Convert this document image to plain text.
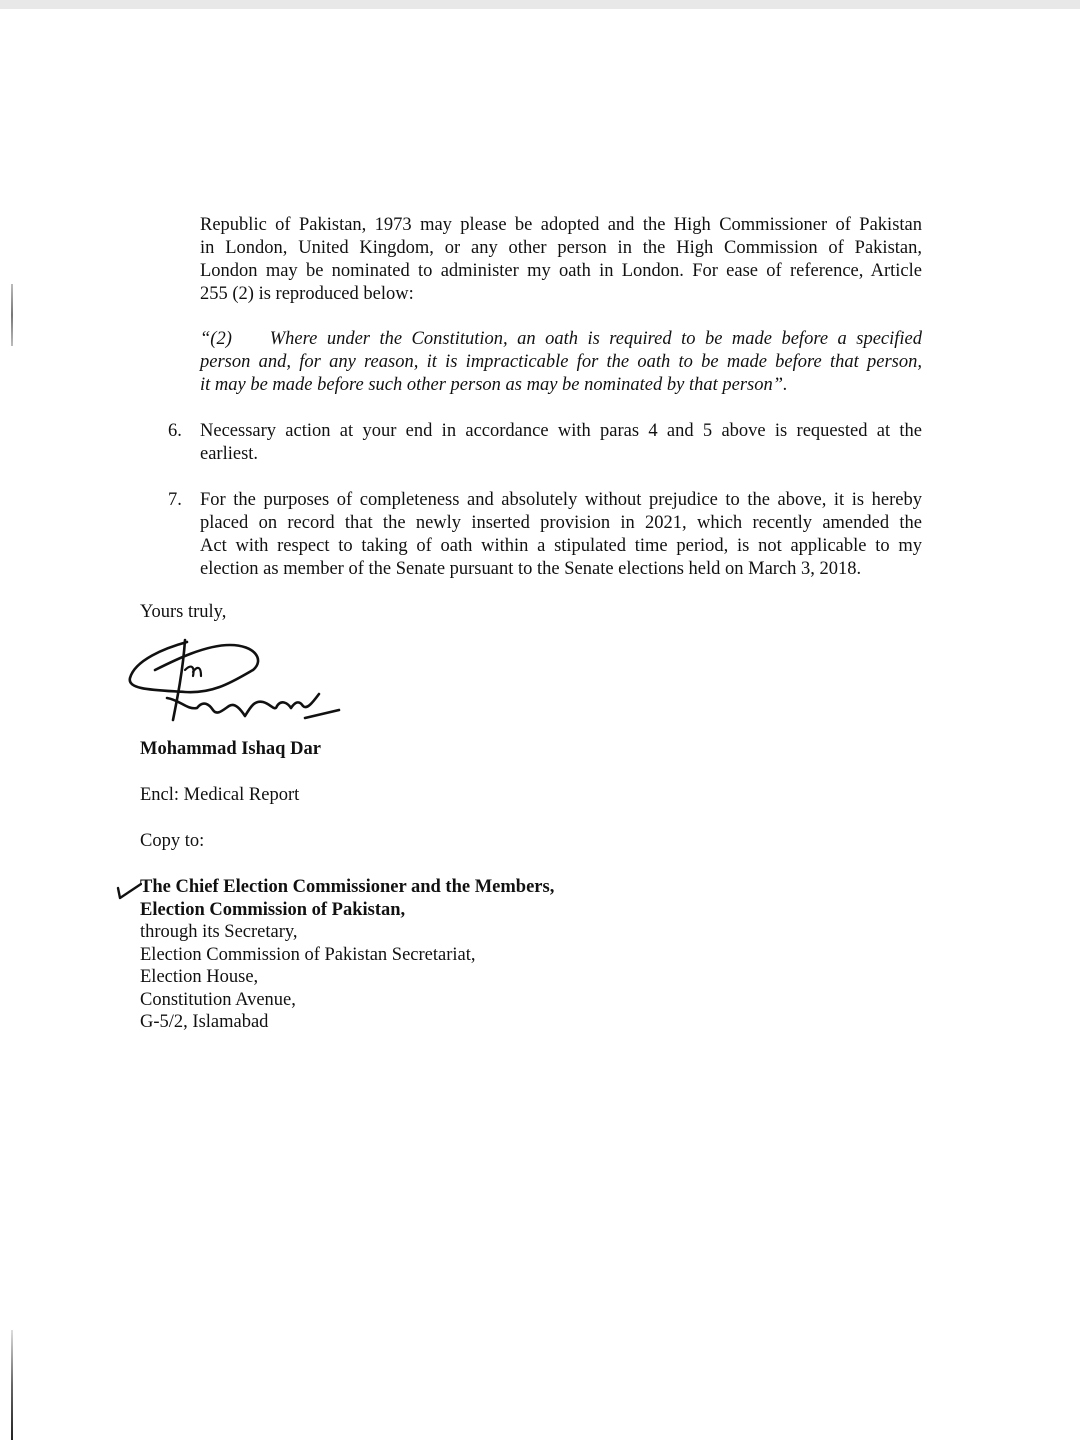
Republic of Pakistan, 1973 may please be adopted and the High Commissioner of Pakistan
in London, United Kingdom, or any other person in the High Commission of Pakistan,
London may be nominated to administer my oath in London. For ease of reference, Article
255 (2) is reproduced below:
“(2)    Where under the Constitution, an oath is required to be made before a specified
person and, for any reason, it is impracticable for the oath to be made before that person,
it may be made before such other person as may be nominated by that person”.
6. Necessary action at your end in accordance with paras 4 and 5 above is requested at the
earliest.
7. For the purposes of completeness and absolutely without prejudice to the above, it is hereby
placed on record that the newly inserted provision in 2021, which recently amended the
Act with respect to taking of oath within a stipulated time period, is not applicable to my
election as member of the Senate pursuant to the Senate elections held on March 3, 2018.
Yours truly,
Mohammad Ishaq Dar
Encl: Medical Report
Copy to:
The Chief Election Commissioner and the Members,
Election Commission of Pakistan,
through its Secretary,
Election Commission of Pakistan Secretariat,
Election House,
Constitution Avenue,
G-5/2, Islamabad
